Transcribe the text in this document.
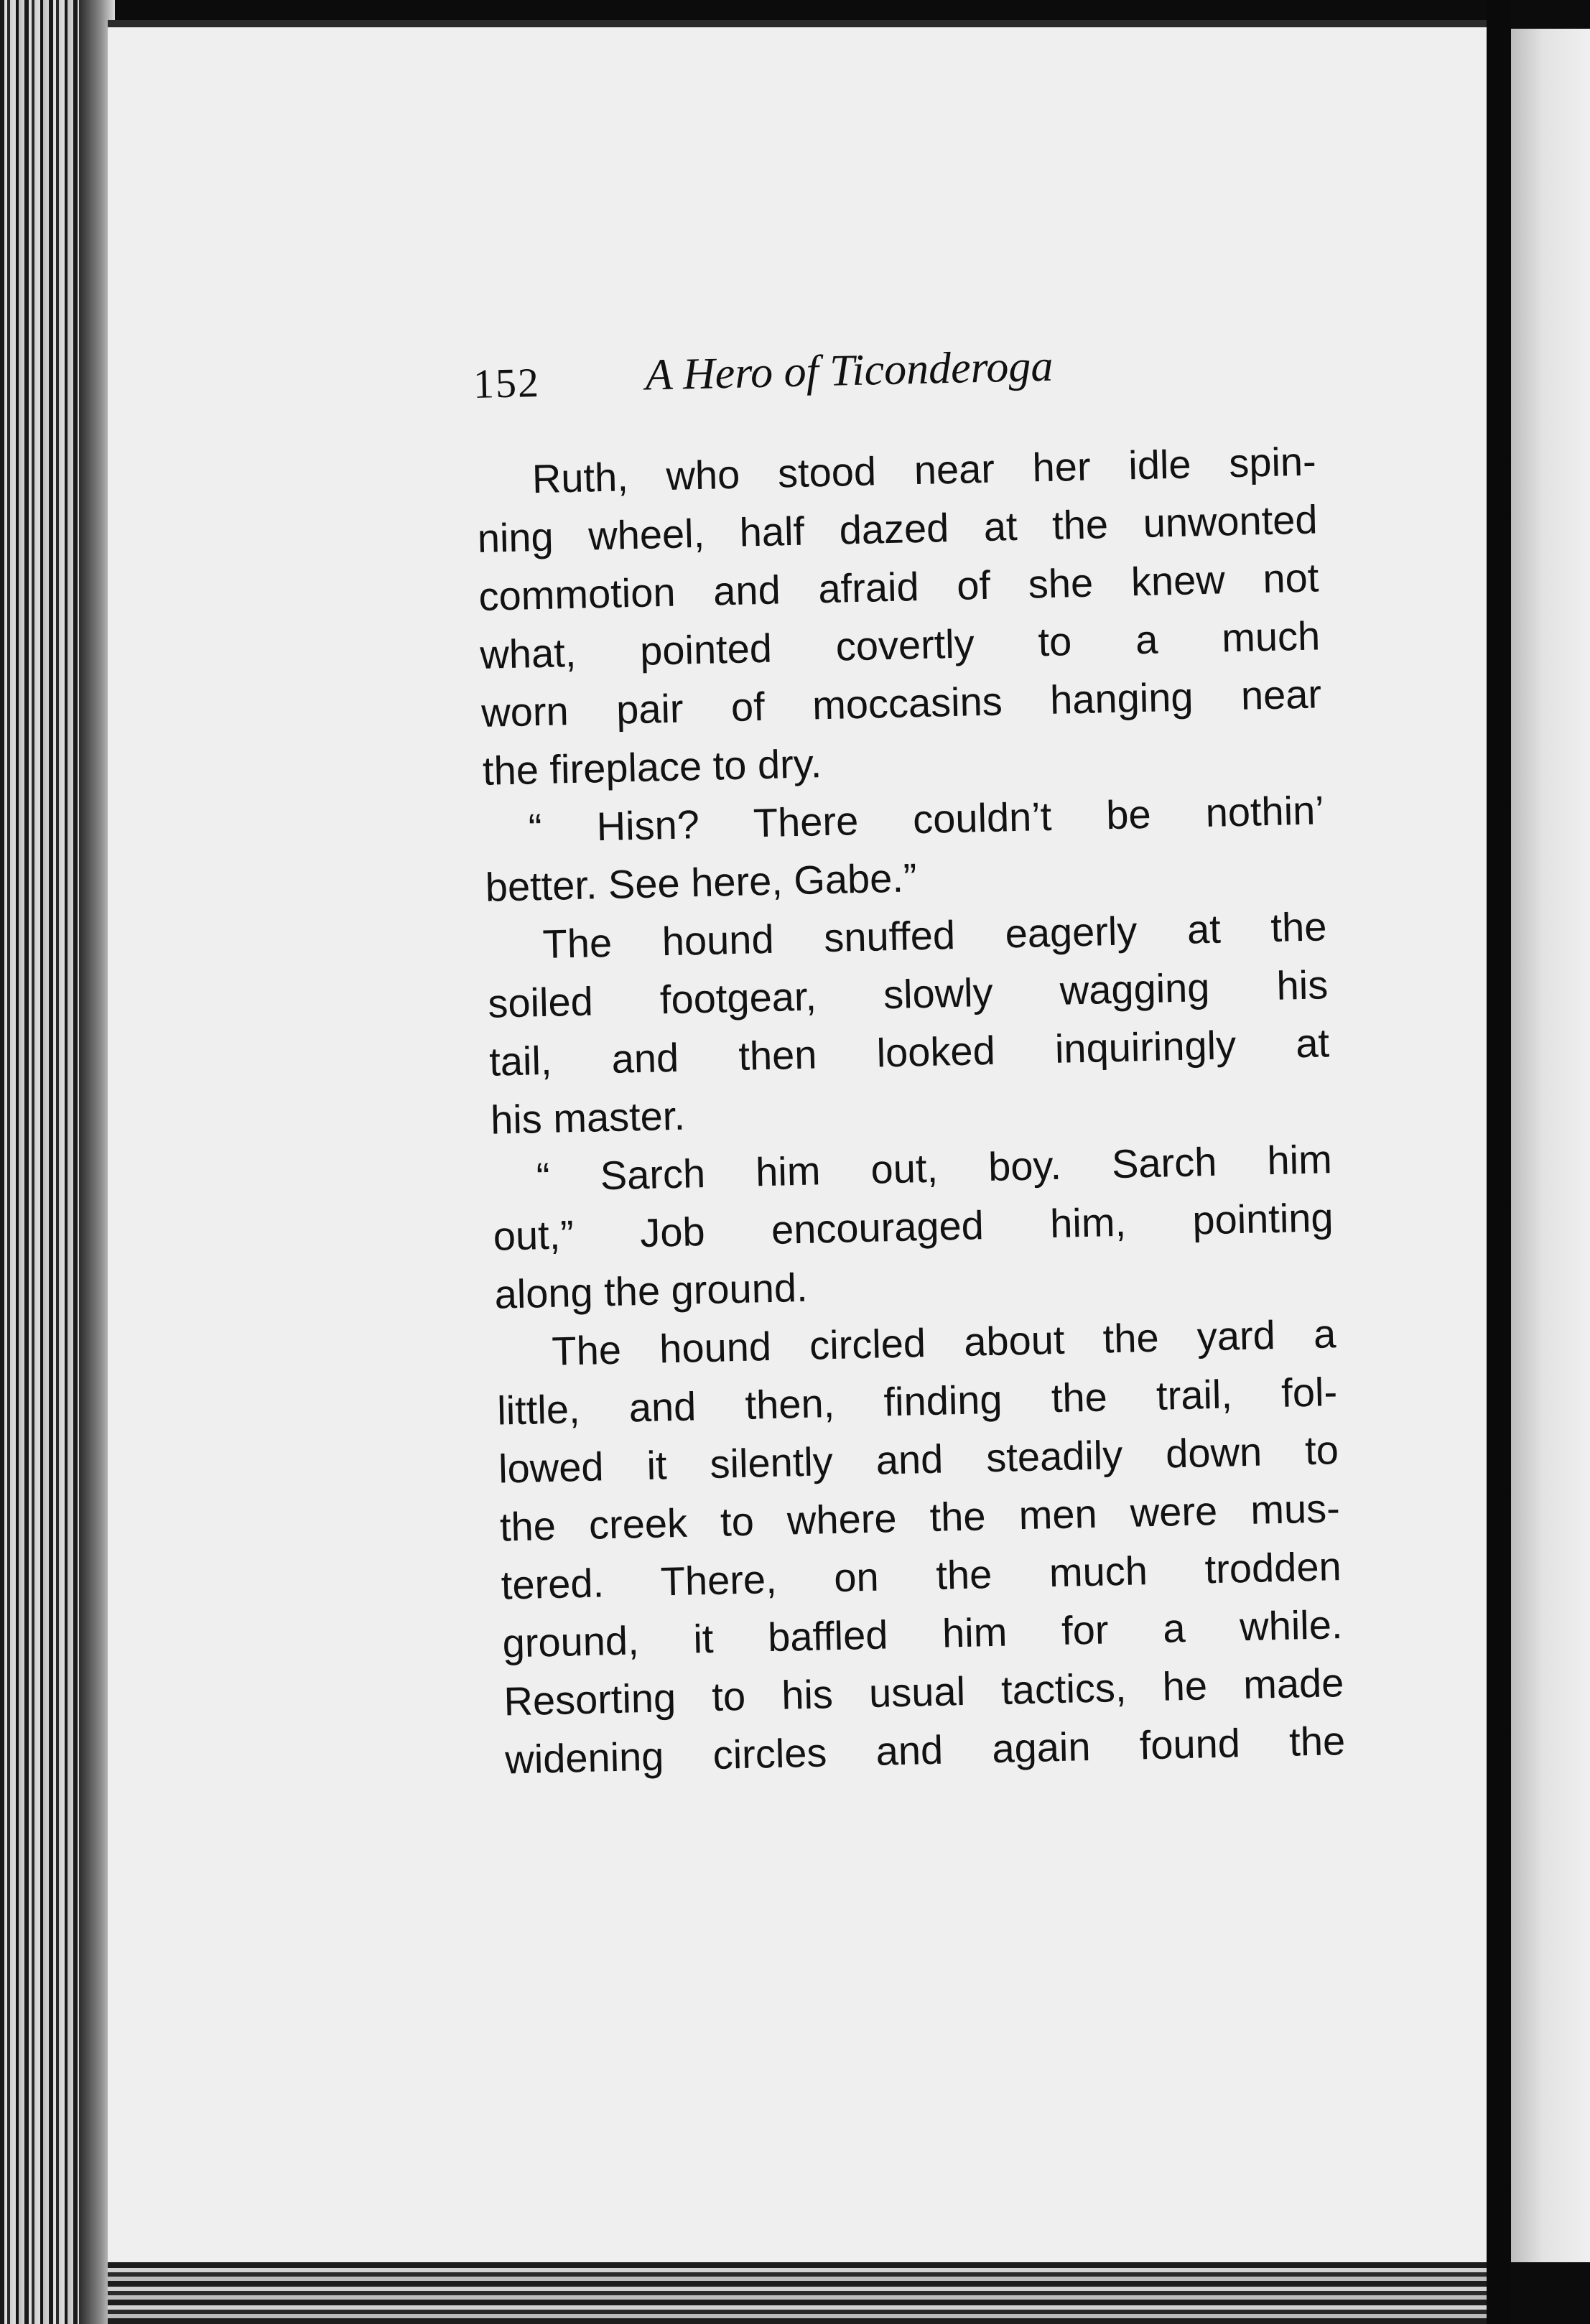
152 A Hero of Ticonderoga
Ruth, who stood near her idle spin-
ning wheel, half dazed at the unwonted
commotion and afraid of she knew not
what, pointed covertly to a much
worn pair of moccasins hanging near
the fireplace to dry.
“ Hisn? There couldn’t be nothin’
better. See here, Gabe.”
The hound snuffed eagerly at the
soiled footgear, slowly wagging his
tail, and then looked inquiringly at
his master.
“ Sarch him out, boy. Sarch him
out,” Job encouraged him, pointing
along the ground.
The hound circled about the yard a
little, and then, finding the trail, fol-
lowed it silently and steadily down to
the creek to where the men were mus-
tered. There, on the much trodden
ground, it baffled him for a while.
Resorting to his usual tactics, he made
widening circles and again found the
